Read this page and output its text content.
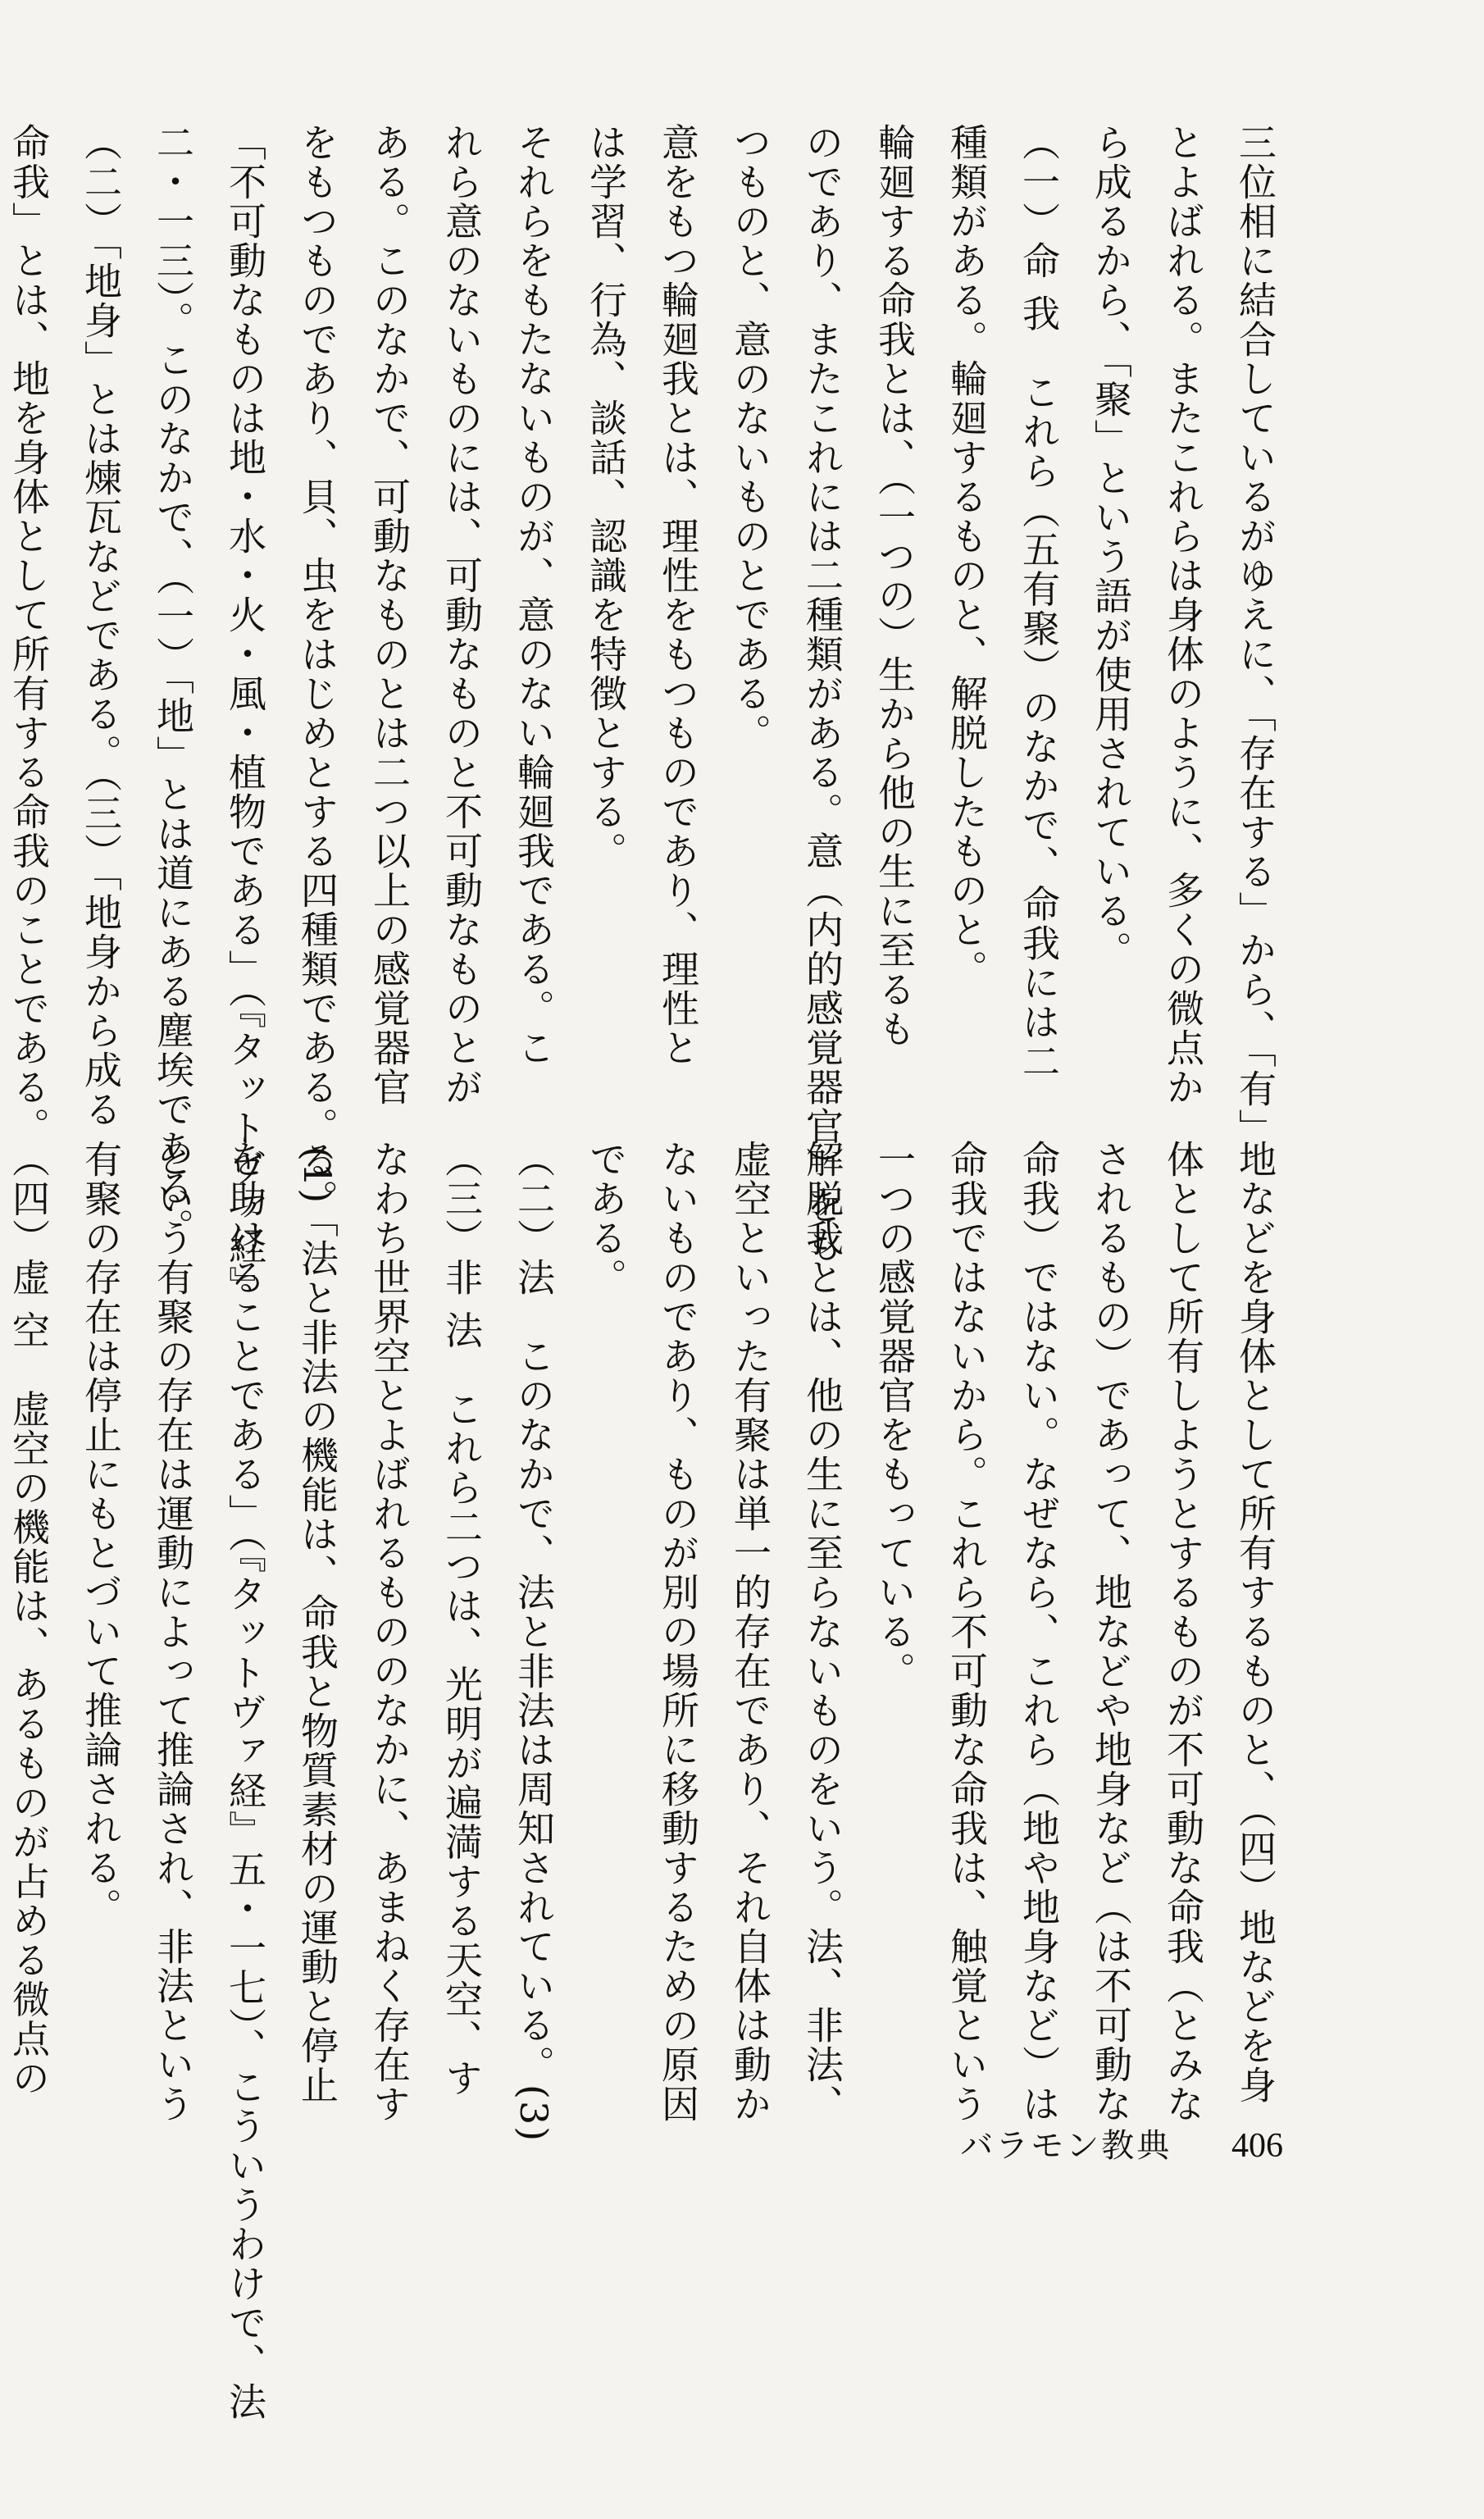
三位相に結合しているがゆえに、「存在する」から、「有」
とよばれる。またこれらは身体のように、多くの微点か
ら成るから、「聚」という語が使用されている。
（一）命 我　これら（五有聚）のなかで、命我には二
種類がある。輪廻するものと、解脱したものと。
輪廻する命我とは、（一つの）生から他の生に至るも
のであり、またこれには二種類がある。意（内的感覚器官）をも
つものと、意のないものとである。
意をもつ輪廻我とは、理性をもつものであり、理性と
は学習、行為、談話、認識を特徴とする。
それらをもたないものが、意のない輪廻我である。こ
れら意のないものには、可動なものと不可動なものとが
ある。このなかで、可動なものとは二つ以上の感覚器官
をもつものであり、貝、虫をはじめとする四種類である。(1)
「不可動なものは地・水・火・風・植物である」（『タットヴァ経』
二・一三）。このなかで、（一）「地」とは道にある塵埃である。
（二）「地身」とは煉瓦などである。（三）「地身から成る
命我」とは、地を身体として所有する命我のことである。
地などを身体として所有するものと、（四）地などを身
体として所有しようとするものが不可動な命我（とみな
されるもの）であって、地などや地身など（は不可動な
命我）ではない。なぜなら、これら（地や地身など）は
命我ではないから。これら不可動な命我は、触覚という
一つの感覚器官をもっている。
解脱我とは、他の生に至らないものをいう。法、非法、
虚空といった有聚は単一的存在であり、それ自体は動か
ないものであり、ものが別の場所に移動するための原因
である。
（二）法　このなかで、法と非法は周知されている。(3)
（三）非 法　これら二つは、光明が遍満する天空、す
なわち世界空とよばれるもののなかに、あまねく存在す
る。「法と非法の機能は、命我と物質素材の運動と停止
を助けることである」（『タットヴァ経』五・一七）、こういうわけで、法
という有聚の存在は運動によって推論され、非法という
有聚の存在は停止にもとづいて推論される。
（四）虚 空　虚空の機能は、あるものが占める微点の
バラモン教典 406
